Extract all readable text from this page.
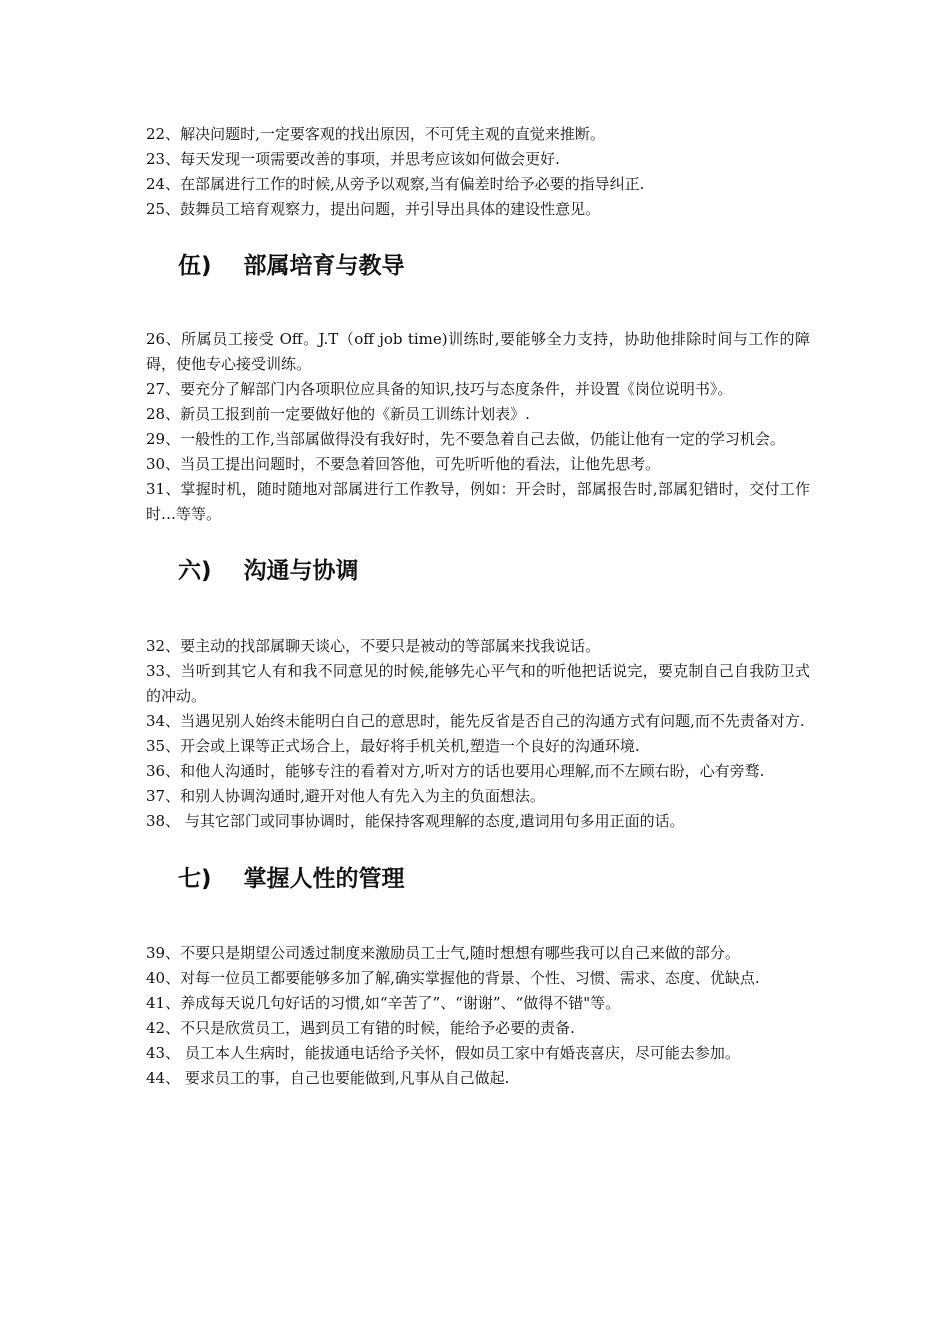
22、解决问题时,一定要客观的找出原因，不可凭主观的直觉来推断。

23、每天发现一项需要改善的事项，并思考应该如何做会更好.

24、在部属进行工作的时候,从旁予以观察,当有偏差时给予必要的指导纠正.

25、鼓舞员工培育观察力，提出问题，并引导出具体的建设性意见。

伍) 部属培育与教导

26、所属员工接受 Off。J.T（off job time)训练时,要能够全力支持，协助他排除时间与工作的障碍，使他专心接受训练。

27、要充分了解部门内各项职位应具备的知识,技巧与态度条件，并设置《岗位说明书》。

28、新员工报到前一定要做好他的《新员工训练计划表》.

29、一般性的工作,当部属做得没有我好时，先不要急着自己去做，仍能让他有一定的学习机会。

30、当员工提出问题时，不要急着回答他，可先听听他的看法，让他先思考。

31、掌握时机，随时随地对部属进行工作教导，例如：开会时，部属报告时,部属犯错时，交付工作时…等等。

六) 沟通与协调

32、要主动的找部属聊天谈心，不要只是被动的等部属来找我说话。

33、当听到其它人有和我不同意见的时候,能够先心平气和的听他把话说完，要克制自己自我防卫式的冲动。

34、当遇见别人始终未能明白自己的意思时，能先反省是否自己的沟通方式有问题,而不先责备对方.

35、开会或上课等正式场合上，最好将手机关机,塑造一个良好的沟通环境.

36、和他人沟通时，能够专注的看着对方,听对方的话也要用心理解,而不左顾右盼，心有旁骛.

37、和别人协调沟通时,避开对他人有先入为主的负面想法。

38、 与其它部门或同事协调时，能保持客观理解的态度,遣词用句多用正面的话。

七) 掌握人性的管理

39、不要只是期望公司透过制度来激励员工士气,随时想想有哪些我可以自己来做的部分。

40、对每一位员工都要能够多加了解,确实掌握他的背景、个性、习惯、需求、态度、优缺点.

41、养成每天说几句好话的习惯,如“辛苦了”、“谢谢”、“做得不错"等。

42、不只是欣赏员工，遇到员工有错的时候，能给予必要的责备.

43、 员工本人生病时，能拔通电话给予关怀，假如员工家中有婚丧喜庆，尽可能去参加。

44、 要求员工的事，自己也要能做到,凡事从自己做起.
